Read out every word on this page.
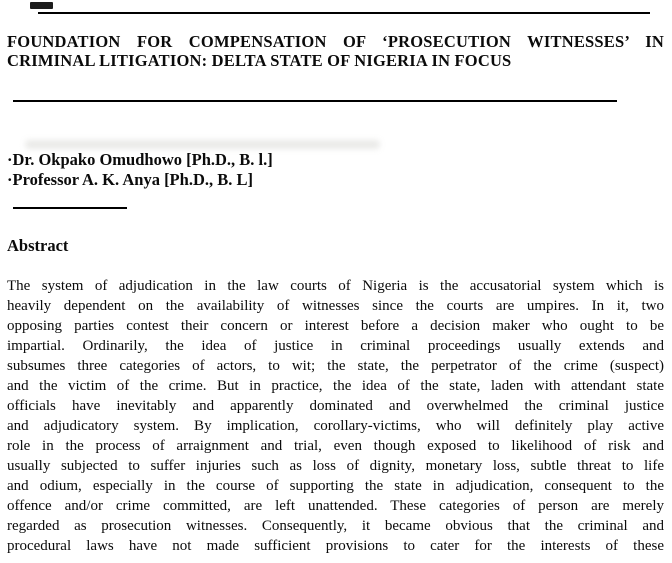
FOUNDATION FOR COMPENSATION OF ‘PROSECUTION WITNESSES’ IN
CRIMINAL LITIGATION: DELTA STATE OF NIGERIA IN FOCUS
·Dr. Okpako Omudhowo [Ph.D., B. l.]
·Professor A. K. Anya [Ph.D., B. L]
Abstract
The system of adjudication in the law courts of Nigeria is the accusatorial system which is
heavily dependent on the availability of witnesses since the courts are umpires. In it, two
opposing parties contest their concern or interest before a decision maker who ought to be
impartial. Ordinarily, the idea of justice in criminal proceedings usually extends and
subsumes three categories of actors, to wit; the state, the perpetrator of the crime (suspect)
and the victim of the crime. But in practice, the idea of the state, laden with attendant state
officials have inevitably and apparently dominated and overwhelmed the criminal justice
and adjudicatory system. By implication, corollary-victims, who will definitely play active
role in the process of arraignment and trial, even though exposed to likelihood of risk and
usually subjected to suffer injuries such as loss of dignity, monetary loss, subtle threat to life
and odium, especially in the course of supporting the state in adjudication, consequent to the
offence and/or crime committed, are left unattended. These categories of person are merely
regarded as prosecution witnesses. Consequently, it became obvious that the criminal and
procedural laws have not made sufficient provisions to cater for the interests of these
